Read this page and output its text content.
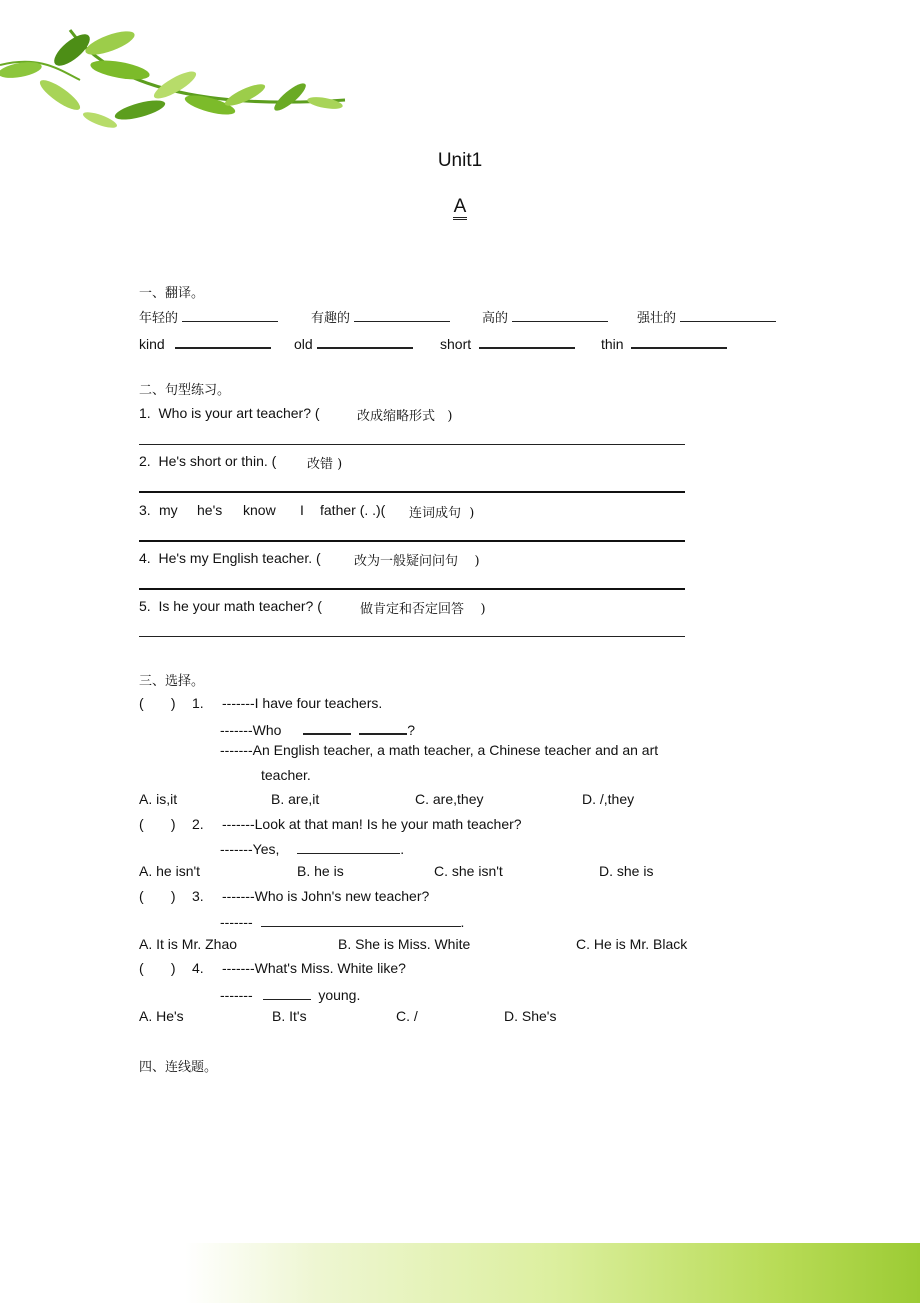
Unit1
A
一、翻译。
年轻的	有趣的	高的	强壮的
kind	old	short	thin
二、句型练习。
1. Who is your art teacher? (	改成缩略形式 )
2. He's short or thin. ( 改错 )
3. my he's know I father (. .)( 连词成句 )
4. He's my English teacher. (	改为一般疑问问句 )
5. Is he your math teacher? (	做肯定和否定回答 )
三、选择。
(       ) 1. -------I have four teachers.
-------Who	?
-------An English teacher, a math teacher, a Chinese teacher and an art
teacher.
A. is,it	B. are,it	C. are,they	D. /,they
(       ) 2. -------Look at that man! Is he your math teacher?
-------Yes,	.
A. he isn't	B. he is	C. she isn't	D. she is
(       ) 3. -------Who is John's new teacher?
-------	.
A. It is Mr. Zhao	B. She is Miss. White	C. He is Mr. Black
(       ) 4. -------What's Miss. White like?
-------	young.
A. He's	B. It's	C. /	D. She's
四、连线题。
